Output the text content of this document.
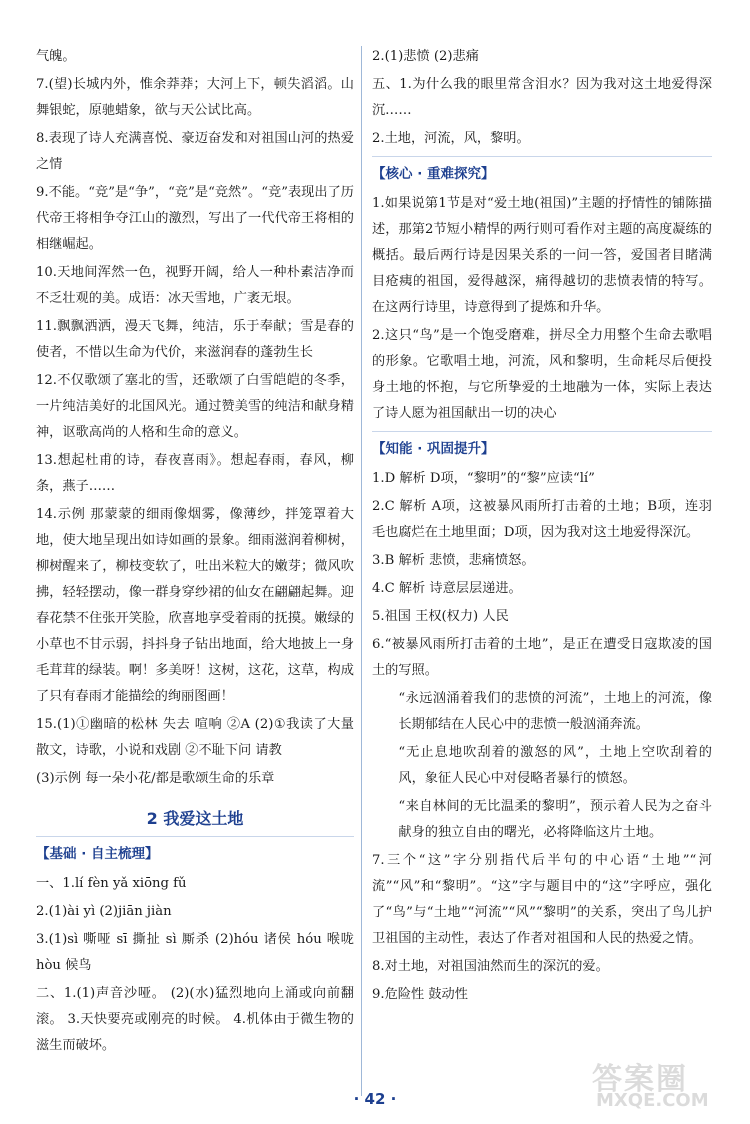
气魄。
7.(望)长城内外，惟余莽莽；大河上下，顿失滔滔。山舞银蛇，原驰蜡象，欲与天公试比高。
8.表现了诗人充满喜悦、豪迈奋发和对祖国山河的热爱之情
9.不能。“竞”是“争”，“竞”是“竞然”。“竞”表现出了历代帝王将相争夺江山的激烈，写出了一代代帝王将相的相继崛起。
10.天地间浑然一色，视野开阔，给人一种朴素洁净而不乏壮观的美。成语：冰天雪地，广袤无垠。
11.飘飘洒洒，漫天飞舞，纯洁，乐于奉献；雪是春的使者，不惜以生命为代价，来滋润春的蓬勃生长
12.不仅歌颂了塞北的雪，还歌颂了白雪皑皑的冬季，一片纯洁美好的北国风光。通过赞美雪的纯洁和献身精神，讴歌高尚的人格和生命的意义。
13.想起杜甫的诗，春夜喜雨》。想起春雨，春风，柳条，燕子……
14.示例 那蒙蒙的细雨像烟雾，像薄纱，拌笼罩着大地，使大地呈现出如诗如画的景象。细雨滋润着柳树，柳树醒来了，柳枝变软了，吐出米粒大的嫩芽；微风吹拂，轻轻摆动，像一群身穿纱裙的仙女在翩翩起舞。迎春花禁不住张开笑脸，欣喜地享受着雨的抚摸。嫩绿的小草也不甘示弱，抖抖身子钻出地面，给大地披上一身毛茸茸的绿装。啊！多美呀！这树，这花，这草，构成了只有春雨才能描绘的绚丽图画！
15.(1)①幽暗的松林 失去 喧响 ②A (2)①我读了大量散文，诗歌，小说和戏剧 ②不耻下问 请教
(3)示例 每一朵小花/都是歌颂生命的乐章
2 我爱这土地
【基础 · 自主梳理】
一、1.lí fèn yǎ xiōng fǔ
2.(1)ài yì (2)jiān jiàn
3.(1)sì 嘶哑 sī 撕扯 sì 厮杀 (2)hóu 诸侯 hóu 喉咙 hòu 候鸟
二、1.(1)声音沙哑。 (2)(水)猛烈地向上涌或向前翻滚。 3.天快要亮或刚亮的时候。 4.机体由于微生物的滋生而破坏。
2.(1)悲愤 (2)悲痛
五、1.为什么我的眼里常含泪水？因为我对这土地爱得深沉……
2.土地，河流，风，黎明。
【核心 · 重难探究】
1.如果说第1节是对“爱土地(祖国)”主题的抒情性的铺陈描述，那第2节短小精悍的两行则可看作对主题的高度凝练的概括。最后两行诗是因果关系的一问一答，爱国者目睹满目疮痍的祖国，爱得越深，痛得越切的悲愤表情的特写。在这两行诗里，诗意得到了提炼和升华。
2.这只“鸟”是一个饱受磨难，拼尽全力用整个生命去歌唱的形象。它歌唱土地，河流，风和黎明，生命耗尽后便投身土地的怀抱，与它所挚爱的土地融为一体，实际上表达了诗人愿为祖国献出一切的决心
【知能 · 巩固提升】
1.D 解析 D项，“黎明”的“黎”应读“lí”
2.C 解析 A项，这被暴风雨所打击着的土地；B项，连羽毛也腐烂在土地里面；D项，因为我对这土地爱得深沉。
3.B 解析 悲愤，悲痛愤怒。
4.C 解析 诗意层层递进。
5.祖国 王权(权力) 人民
6.“被暴风雨所打击着的土地”，是正在遭受日寇欺凌的国土的写照。
“永远汹涌着我们的悲愤的河流”，土地上的河流，像长期郁结在人民心中的悲愤一般汹涌奔流。
“无止息地吹刮着的激怒的风”，土地上空吹刮着的风，象征人民心中对侵略者暴行的愤怒。
“来自林间的无比温柔的黎明”，预示着人民为之奋斗献身的独立自由的曙光，必将降临这片土地。
7.三个“这”字分别指代后半句的中心语“土地”“河流”“风”和“黎明”。“这”字与题目中的“这”字呼应，强化了“鸟”与“土地”“河流”“风”“黎明”的关系，突出了鸟儿护卫祖国的主动性，表达了作者对祖国和人民的热爱之情。
8.对土地，对祖国油然而生的深沉的爱。
9.危险性 鼓动性
· 42 ·
答案圈
MXQE.COM
